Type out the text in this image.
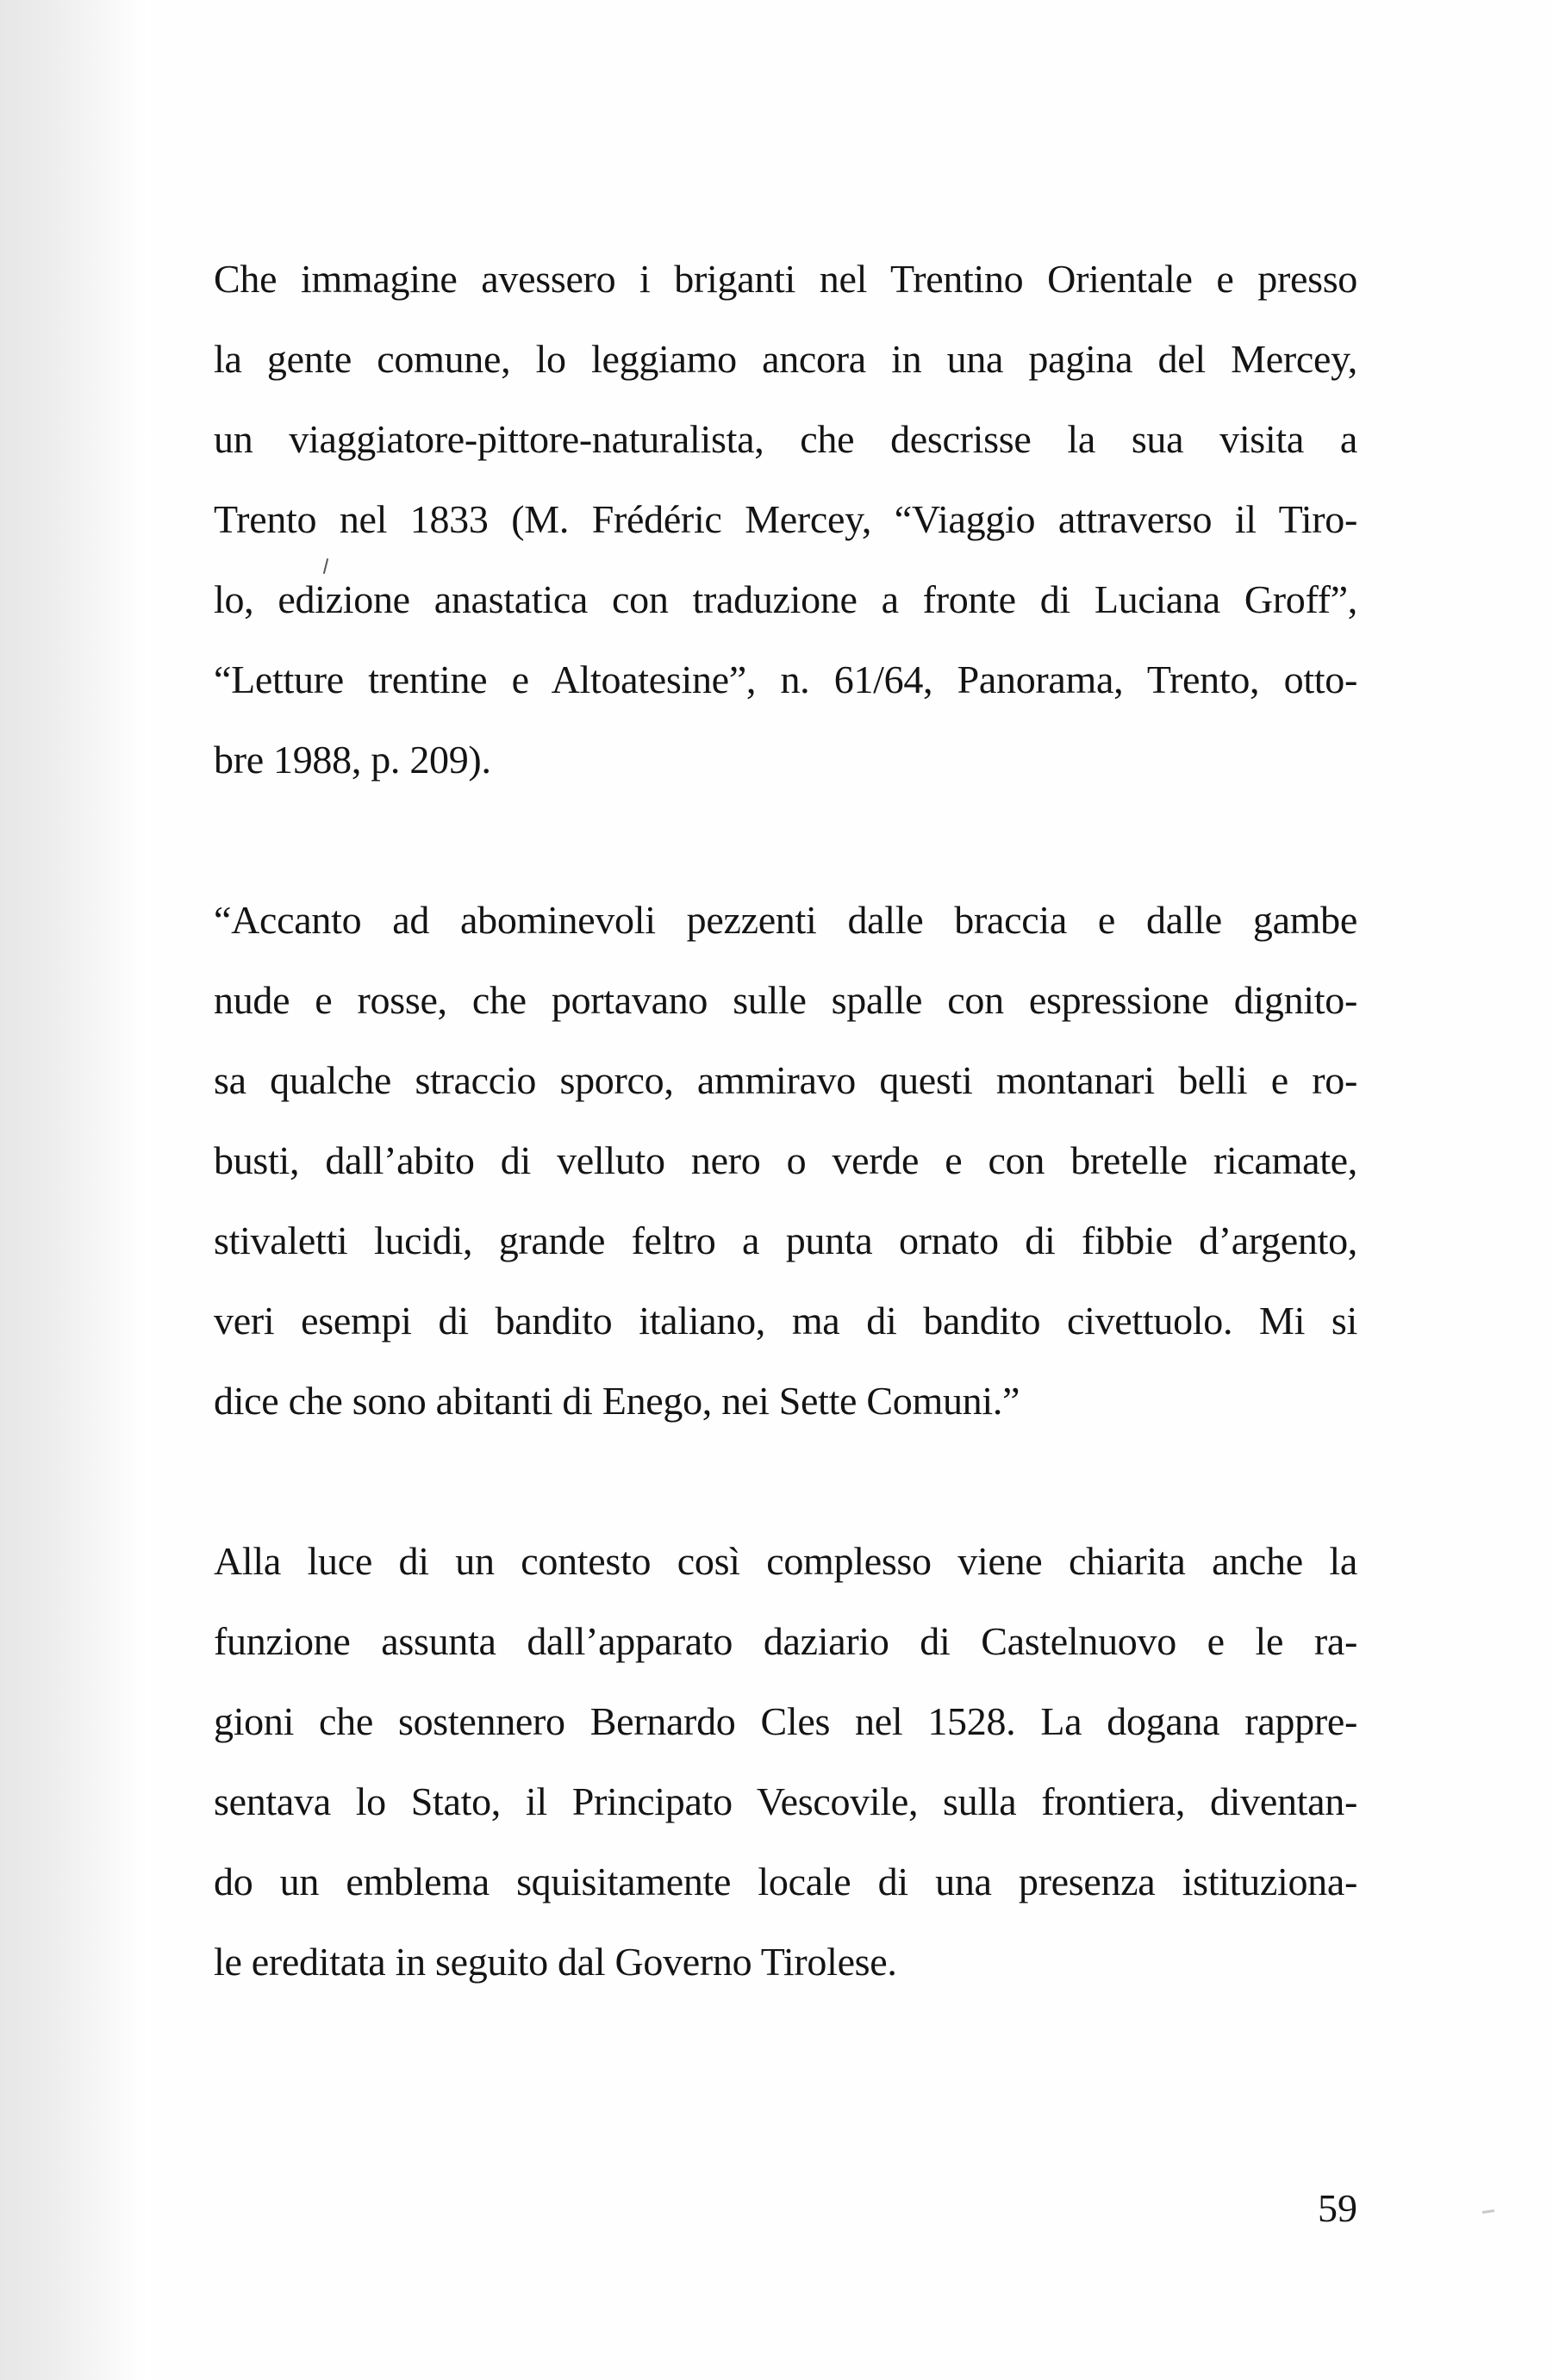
Che immagine avessero i briganti nel Trentino Orientale e presso
la gente comune, lo leggiamo ancora in una pagina del Mercey,
un viaggiatore-pittore-naturalista, che descrisse la sua visita a
Trento nel 1833 (M. Frédéric Mercey, “Viaggio attraverso il Tiro-
lo, edizione anastatica con traduzione a fronte di Luciana Groff”,
“Letture trentine e Altoatesine”, n. 61/64, Panorama, Trento, otto-
bre 1988, p. 209).
“Accanto ad abominevoli pezzenti dalle braccia e dalle gambe
nude e rosse, che portavano sulle spalle con espressione dignito-
sa qualche straccio sporco, ammiravo questi montanari belli e ro-
busti, dall’abito di velluto nero o verde e con bretelle ricamate,
stivaletti lucidi, grande feltro a punta ornato di fibbie d’argento,
veri esempi di bandito italiano, ma di bandito civettuolo. Mi si
dice che sono abitanti di Enego, nei Sette Comuni.”
Alla luce di un contesto così complesso viene chiarita anche la
funzione assunta dall’apparato daziario di Castelnuovo e le ra-
gioni che sostennero Bernardo Cles nel 1528. La dogana rappre-
sentava lo Stato, il Principato Vescovile, sulla frontiera, diventan-
do un emblema squisitamente locale di una presenza istituziona-
le ereditata in seguito dal Governo Tirolese.
59
